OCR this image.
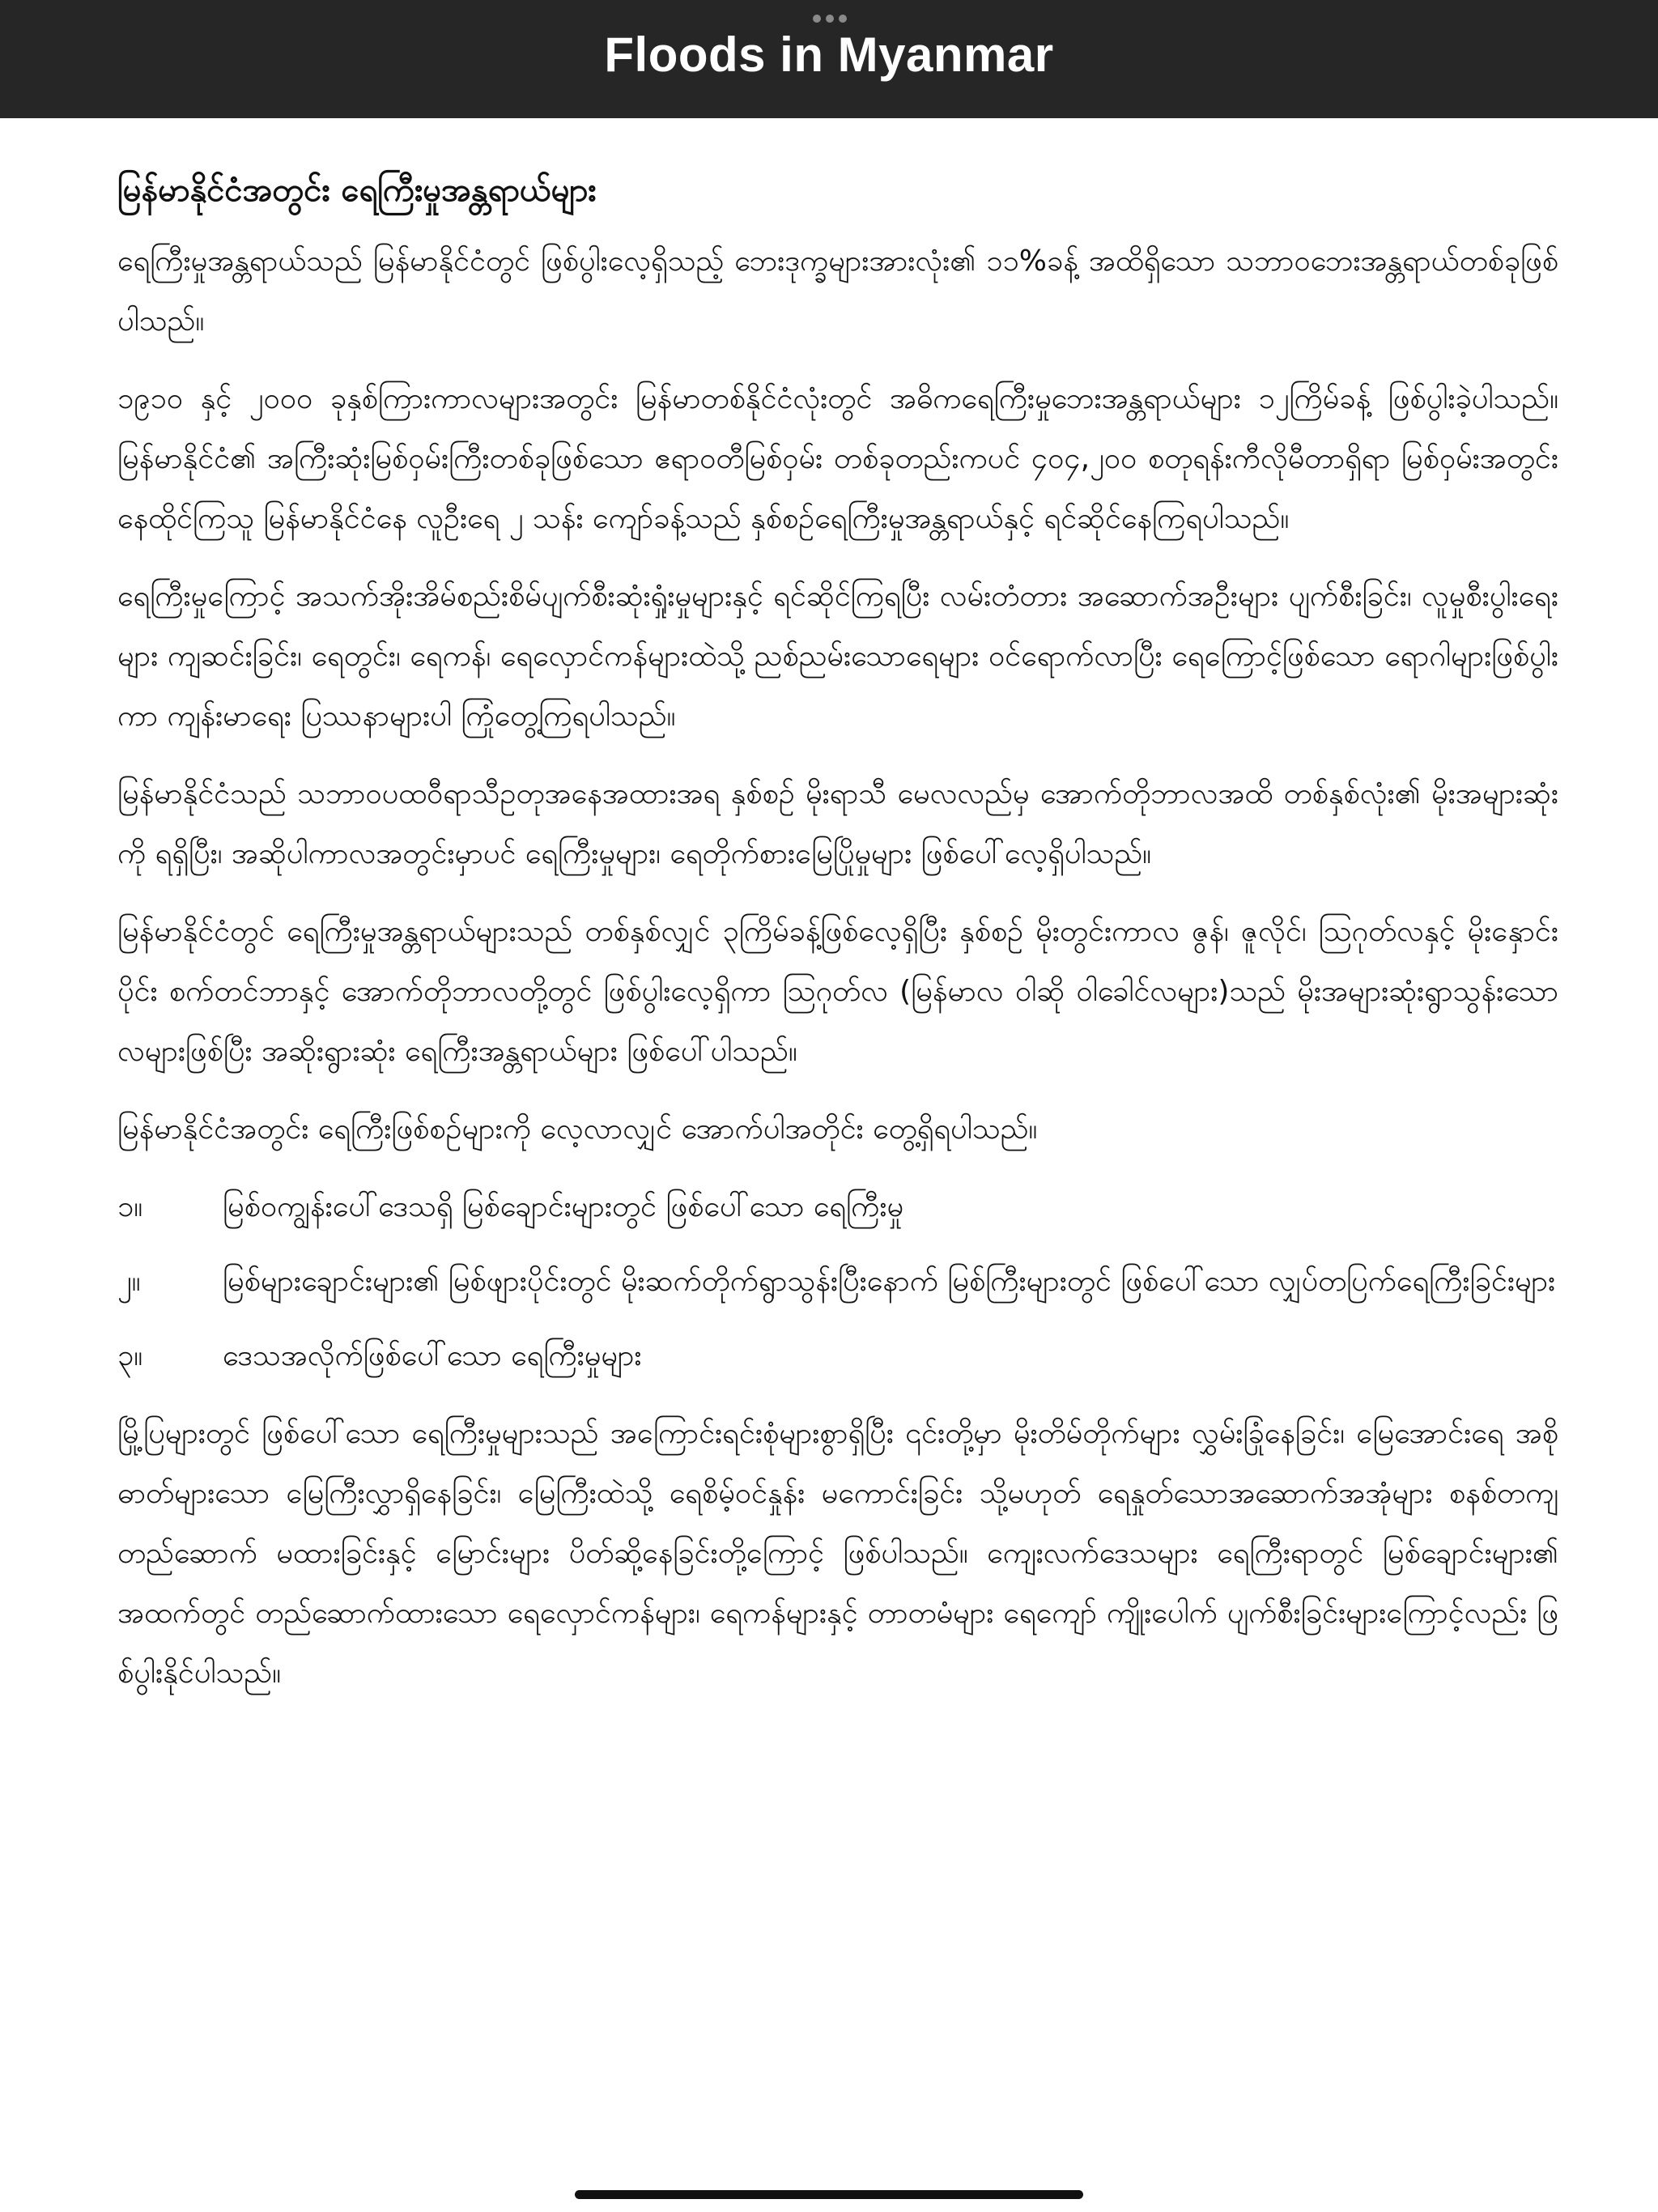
Floods in Myanmar
မြန်မာနိုင်ငံအတွင်း ရေကြီးမှုအန္တရာယ်များ

ရေကြီးမှုအန္တရာယ်သည် မြန်မာနိုင်ငံတွင် ဖြစ်ပွါးလေ့ရှိသည့် ဘေးဒုက္ခများအားလုံး၏ ၁၁%ခန့် အထိရှိသော သဘာဝဘေးအန္တရာယ်တစ်ခုဖြစ်ပါသည်။

၁၉၁၀ နှင့် ၂၀၀၀ ခုနှစ်ကြားကာလများအတွင်း မြန်မာတစ်နိုင်ငံလုံးတွင် အဓိကရေကြီးမှုဘေးအန္တရာယ်များ ၁၂ကြိမ်ခန့် ဖြစ်ပွါးခဲ့ပါသည်။ မြန်မာနိုင်ငံ၏ အကြီးဆုံးမြစ်ဝှမ်းကြီးတစ်ခုဖြစ်သော ဧရာဝတီမြစ်ဝှမ်း တစ်ခုတည်းကပင် ၄၀၄,၂၀၀ စတုရန်းကီလိုမီတာရှိရာ မြစ်ဝှမ်းအတွင်းနေထိုင်ကြသူ မြန်မာနိုင်ငံနေ လူဦးရေ ၂ သန်း ကျော်ခန့်သည် နှစ်စဉ်ရေကြီးမှုအန္တရာယ်နှင့် ရင်ဆိုင်နေကြရပါသည်။

ရေကြီးမှုကြောင့် အသက်အိုးအိမ်စည်းစိမ်ပျက်စီးဆုံးရှုံးမှုများနှင့် ရင်ဆိုင်ကြရပြီး လမ်းတံတား အဆောက်အဦးများ ပျက်စီးခြင်း၊ လူမှုစီးပွါးရေးများ ကျဆင်းခြင်း၊ ရေတွင်း၊ ရေကန်၊ ရေလှောင်ကန်များထဲသို့ ညစ်ညမ်းသောရေများ ဝင်ရောက်လာပြီး ရေကြောင့်ဖြစ်သော ရောဂါများဖြစ်ပွါးကာ ကျန်းမာရေး ပြဿနာများပါ ကြုံတွေ့ကြရပါသည်။

မြန်မာနိုင်ငံသည် သဘာဝပထဝီရာသီဥတုအနေအထားအရ နှစ်စဉ် မိုးရာသီ မေလလည်မှ အောက်တိုဘာလအထိ တစ်နှစ်လုံး၏ မိုးအများဆုံးကို ရရှိပြီး၊ အဆိုပါကာလအတွင်းမှာပင် ရေကြီးမှုများ၊ ရေတိုက်စားမြေပြိုမှုများ ဖြစ်ပေါ်လေ့ရှိပါသည်။

မြန်မာနိုင်ငံတွင် ရေကြီးမှုအန္တရာယ်များသည် တစ်နှစ်လျှင် ၃ကြိမ်ခန့်ဖြစ်လေ့ရှိပြီး နှစ်စဉ် မိုးတွင်းကာလ ဇွန်၊ ဇူလိုင်၊ ဩဂုတ်လနှင့် မိုးနှောင်းပိုင်း စက်တင်ဘာနှင့် အောက်တိုဘာလတို့တွင် ဖြစ်ပွါးလေ့ရှိကာ ဩဂုတ်လ (မြန်မာလ ဝါဆို ဝါခေါင်လများ)သည် မိုးအများဆုံးရွာသွန်းသောလများဖြစ်ပြီး အဆိုးရွားဆုံး ရေကြီးအန္တရာယ်များ ဖြစ်ပေါ်ပါသည်။

မြန်မာနိုင်ငံအတွင်း ရေကြီးဖြစ်စဉ်များကို လေ့လာလျှင် အောက်ပါအတိုင်း တွေ့ရှိရပါသည်။

၁။	မြစ်ဝကျွန်းပေါ်ဒေသရှိ မြစ်ချောင်းများတွင် ဖြစ်ပေါ်သော ရေကြီးမှု
၂။	မြစ်များချောင်းများ၏ မြစ်ဖျားပိုင်းတွင် မိုးဆက်တိုက်ရွာသွန်းပြီးနောက် မြစ်ကြီးများတွင် ဖြစ်ပေါ်သော လျှပ်တပြက်ရေကြီးခြင်းများ
၃။	ဒေသအလိုက်ဖြစ်ပေါ်သော ရေကြီးမှုများ

မြို့ပြများတွင် ဖြစ်ပေါ်သော ရေကြီးမှုများသည် အကြောင်းရင်းစုံများစွာရှိပြီး ၎င်းတို့မှာ မိုးတိမ်တိုက်များ လွှမ်းခြုံနေခြင်း၊ မြေအောင်းရေ အစိုဓာတ်များသော မြေကြီးလွှာရှိနေခြင်း၊ မြေကြီးထဲသို့ ရေစိမ့်ဝင်နှုန်း မကောင်းခြင်း သို့မဟုတ် ရေနှုတ်သောအဆောက်အအုံများ စနစ်တကျ တည်ဆောက် မထားခြင်းနှင့် မြောင်းများ ပိတ်ဆို့နေခြင်းတို့ကြောင့် ဖြစ်ပါသည်။ ကျေးလက်ဒေသများ ရေကြီးရာတွင် မြစ်ချောင်းများ၏ အထက်တွင် တည်ဆောက်ထားသော ရေလှောင်ကန်များ၊ ရေကန်များနှင့် တာတမံများ ရေကျော် ကျိုးပေါက် ပျက်စီးခြင်းများကြောင့်လည်း ဖြစ်ပွါးနိုင်ပါသည်။
